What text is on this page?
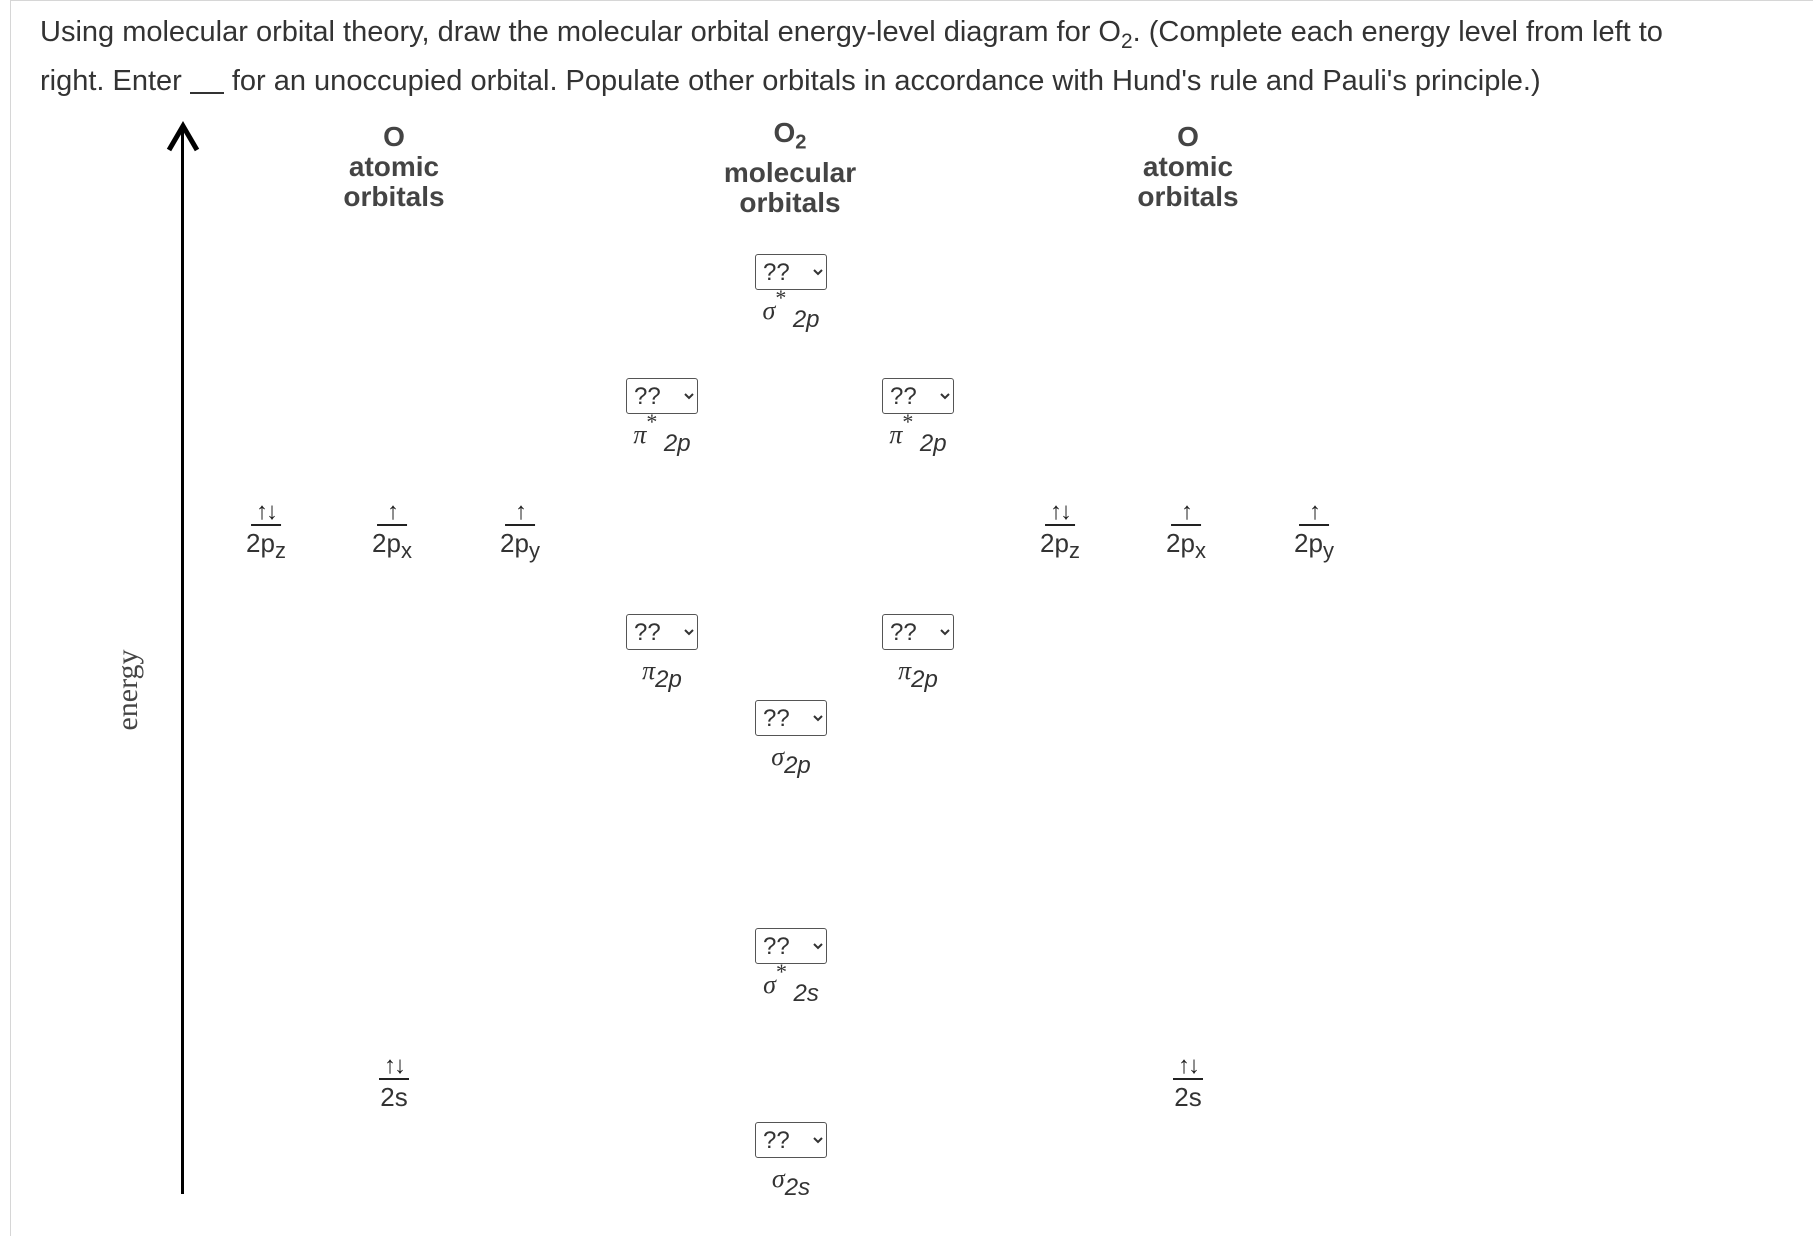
Using molecular orbital theory, draw the molecular orbital energy-level diagram for $O_2$. (Complete each energy level from left to
right. Enter for an unoccupied orbital. Populate other orbitals in accordance with Hund's rule and Pauli's principle.)
energy
O
atomic
orbitals
$O_2$
molecular
orbitals
O
atomic
orbitals
↑↓
$2p_z$
↑
$2p_x$
↑
$2p_y$
↑↓
2s
↑↓
$2p_z$
↑
$2p_x$
↑
$2p_y$
↑↓
2s
??
σ* 2p
??
π* 2p
??	π* 2p
??
π2p
??	π2p
??
σ2p
??
σ* 2s
??
σ2s
